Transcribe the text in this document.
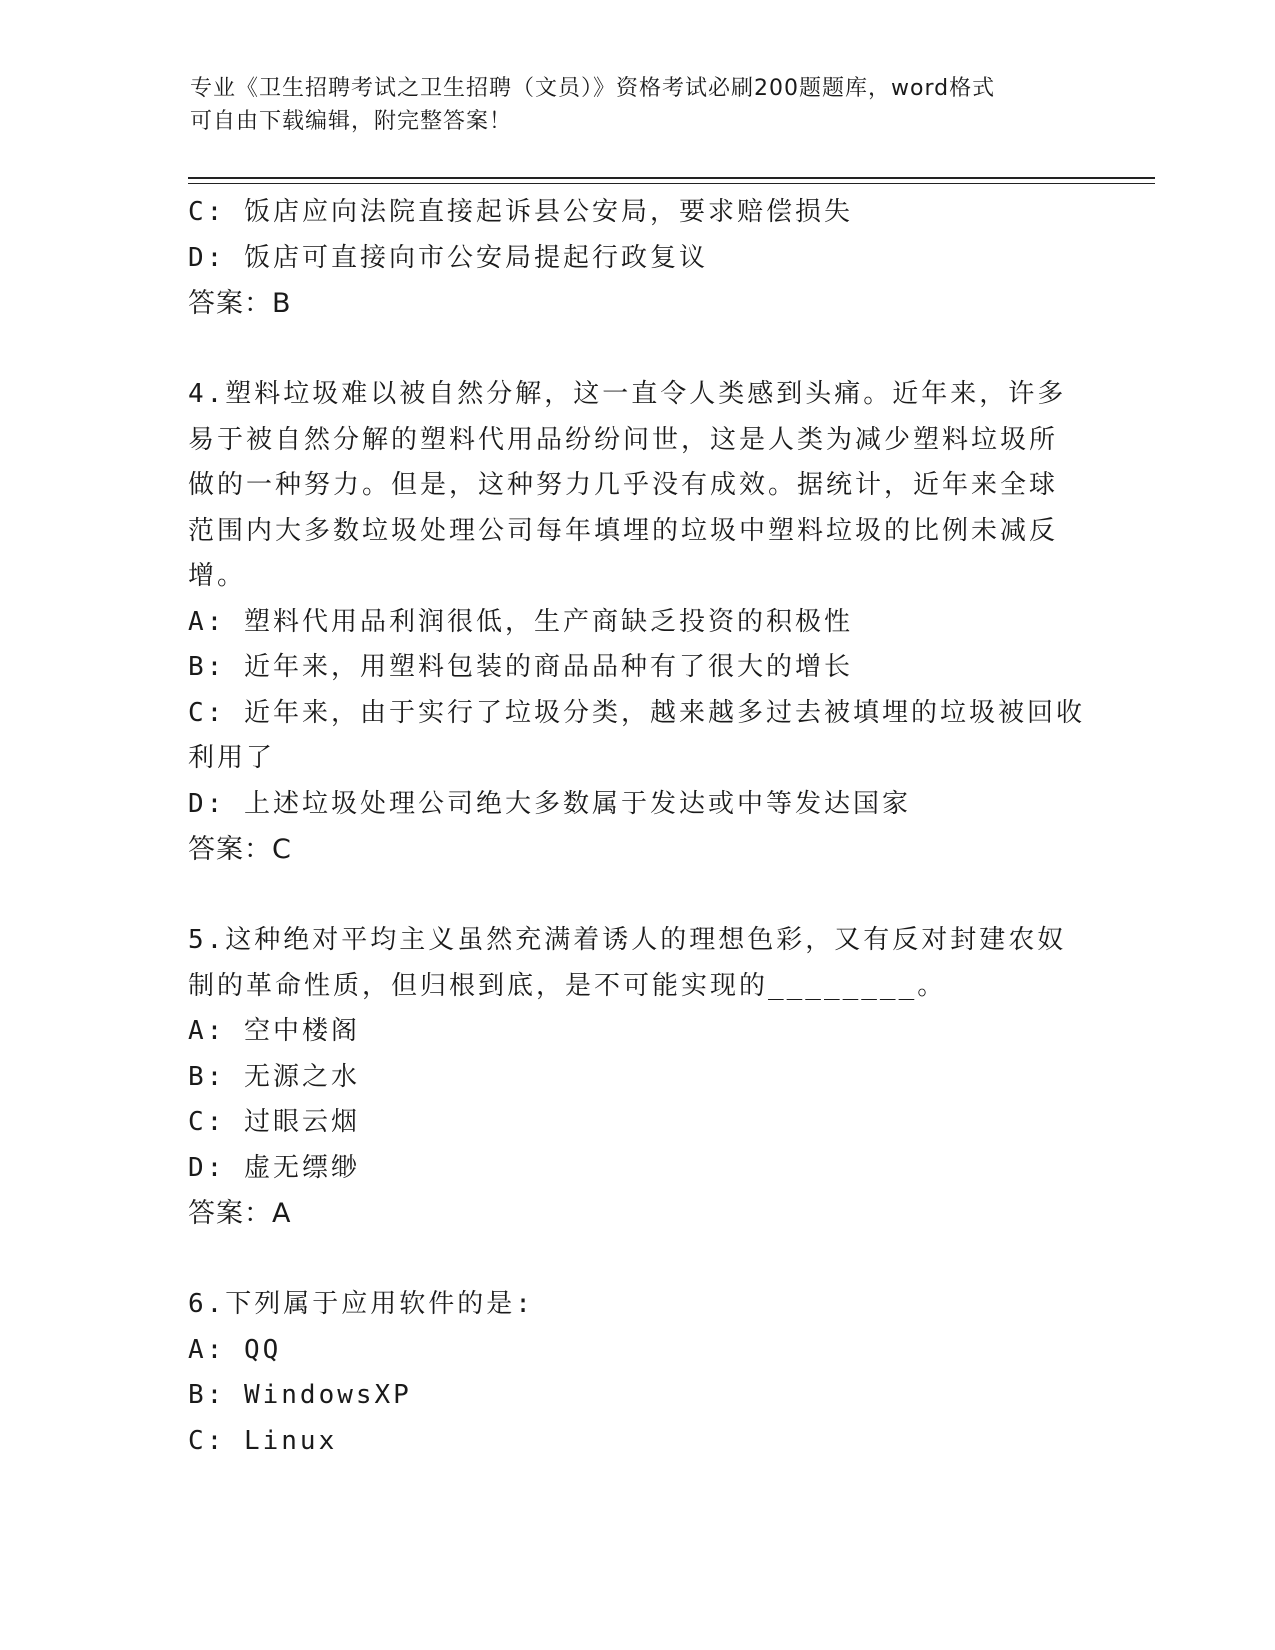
专业《卫生招聘考试之卫生招聘（文员）》资格考试必刷200题题库，word格式
可自由下载编辑，附完整答案！
C: 饭店应向法院直接起诉县公安局，要求赔偿损失
D: 饭店可直接向市公安局提起行政复议
答案：B
4.塑料垃圾难以被自然分解，这一直令人类感到头痛。近年来，许多
易于被自然分解的塑料代用品纷纷问世，这是人类为减少塑料垃圾所
做的一种努力。但是，这种努力几乎没有成效。据统计，近年来全球
范围内大多数垃圾处理公司每年填埋的垃圾中塑料垃圾的比例未减反
增。
A: 塑料代用品利润很低，生产商缺乏投资的积极性
B: 近年来，用塑料包装的商品品种有了很大的增长
C: 近年来，由于实行了垃圾分类，越来越多过去被填埋的垃圾被回收
利用了
D: 上述垃圾处理公司绝大多数属于发达或中等发达国家
答案：C
5.这种绝对平均主义虽然充满着诱人的理想色彩，又有反对封建农奴
制的革命性质，但归根到底，是不可能实现的________。
A: 空中楼阁
B: 无源之水
C: 过眼云烟
D: 虚无缥缈
答案：A
6.下列属于应用软件的是:
A: QQ
B: WindowsXP
C: Linux
